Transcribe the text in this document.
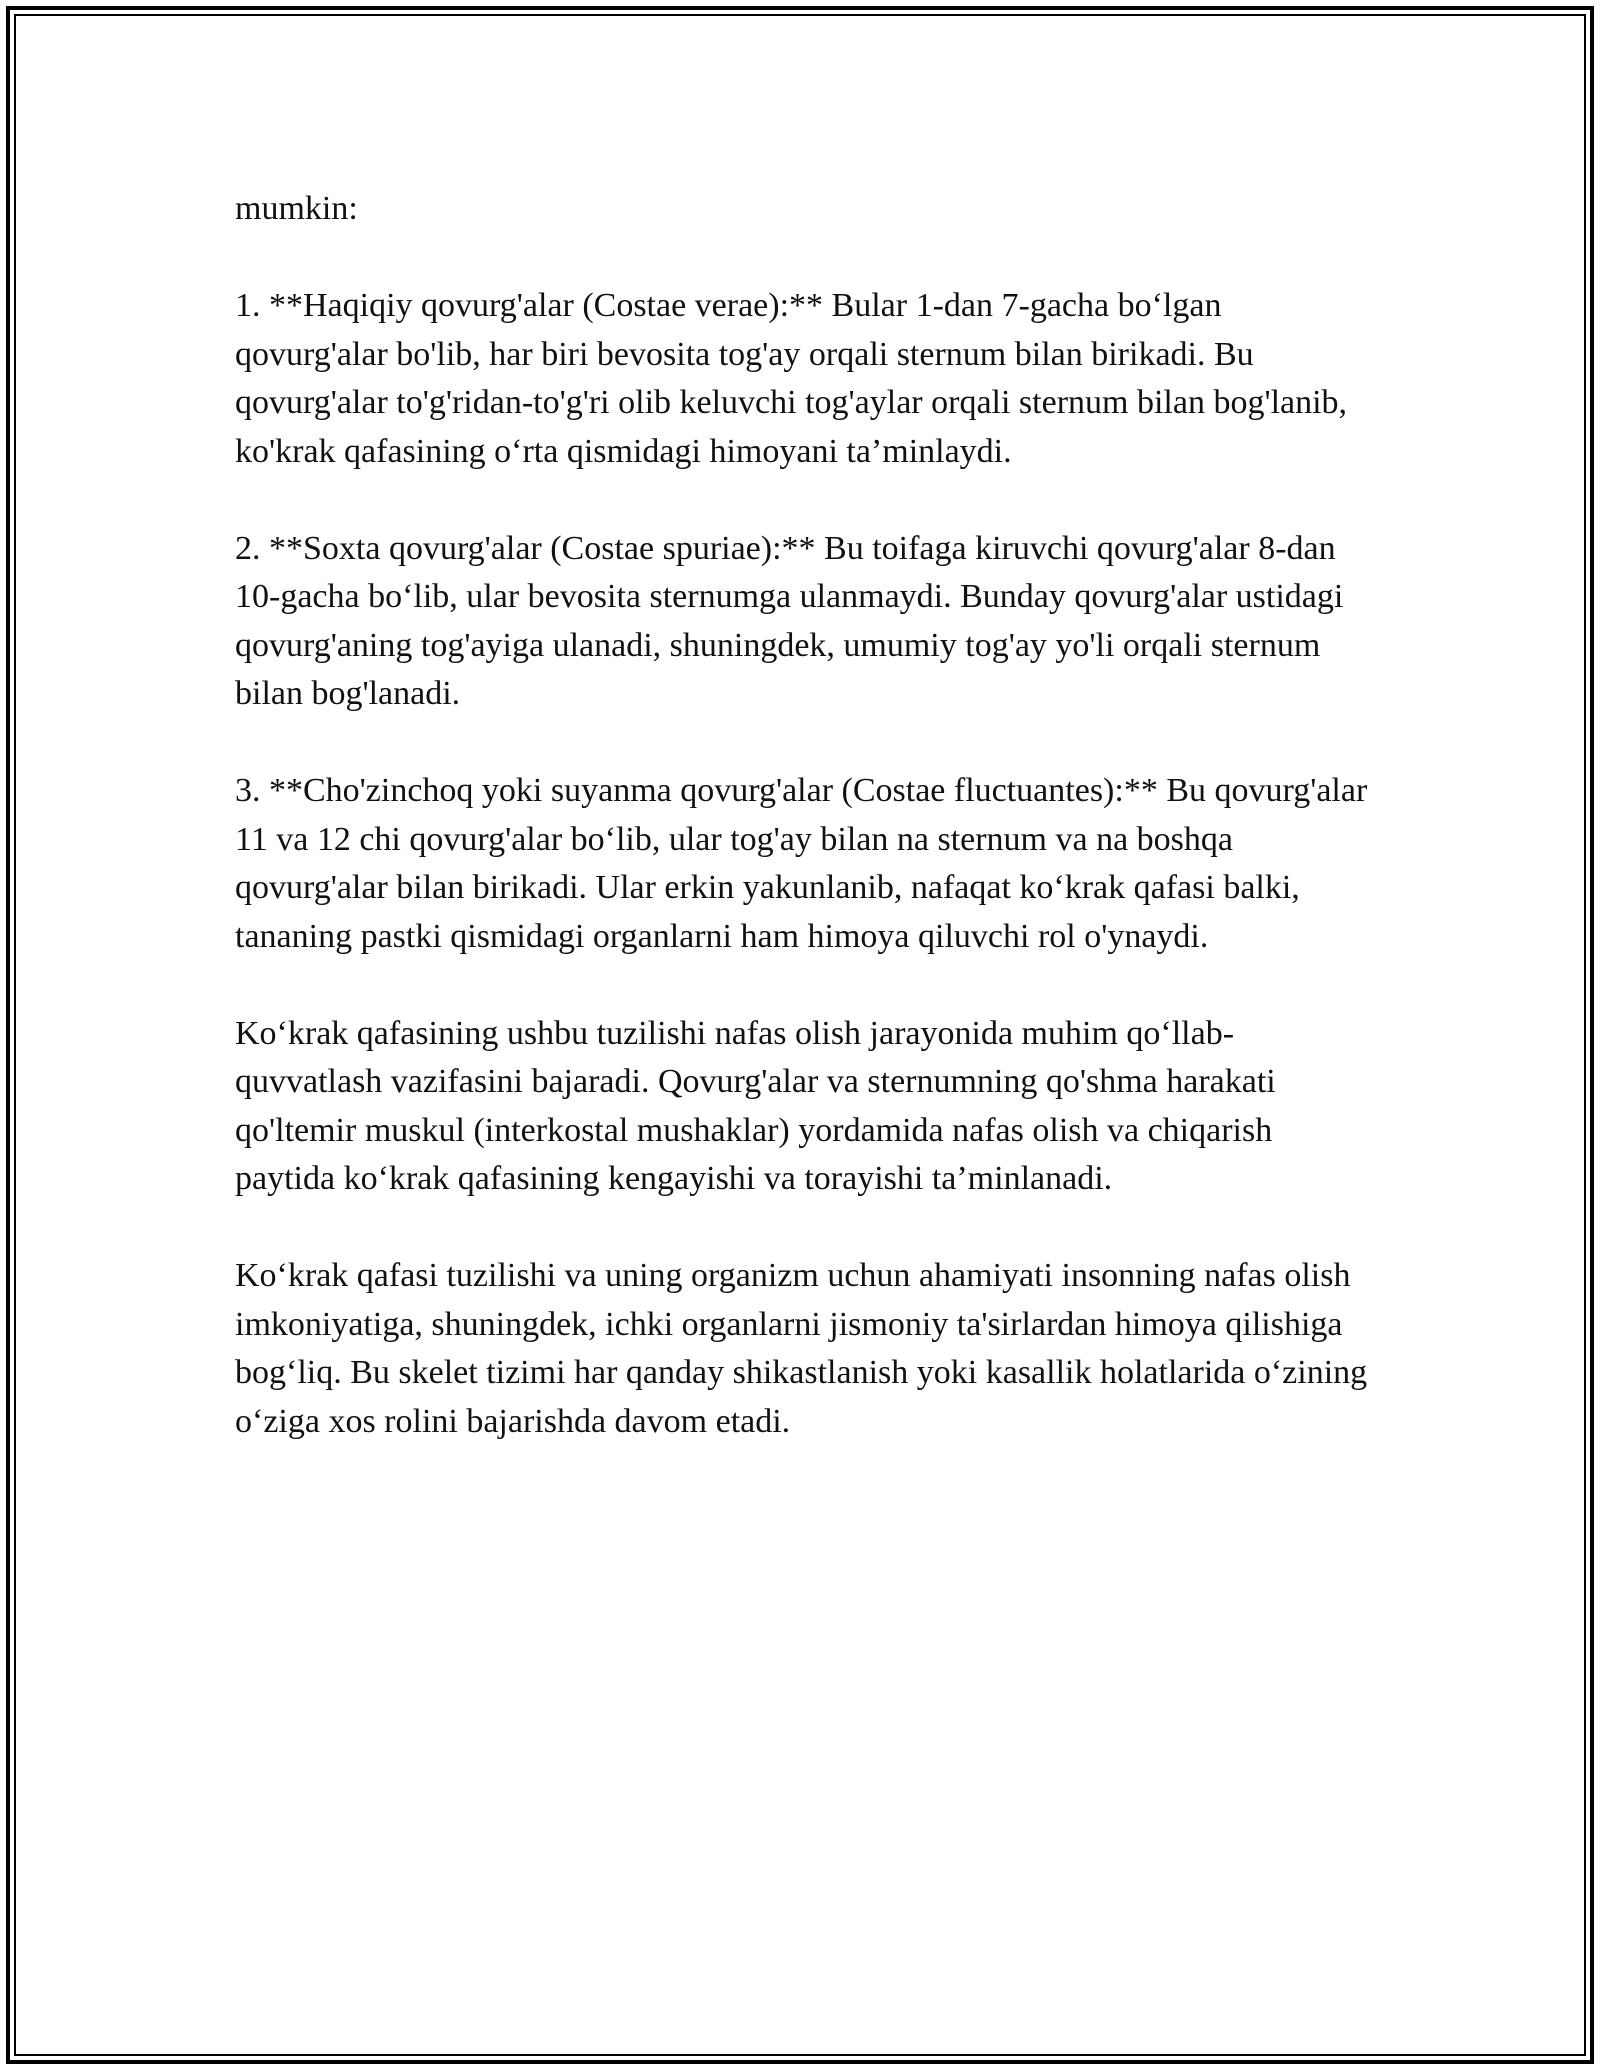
mumkin:

1. **Haqiqiy qovurg'alar (Costae verae):** Bular 1-dan 7-gacha bo‘lgan qovurg'alar bo'lib, har biri bevosita tog'ay orqali sternum bilan birikadi. Bu qovurg'alar to'g'ridan-to'g'ri olib keluvchi tog'aylar orqali sternum bilan bog'lanib, ko'krak qafasining o‘rta qismidagi himoyani ta’minlaydi.

2. **Soxta qovurg'alar (Costae spuriae):** Bu toifaga kiruvchi qovurg'alar 8-dan 10-gacha bo‘lib, ular bevosita sternumga ulanmaydi. Bunday qovurg'alar ustidagi qovurg'aning tog'ayiga ulanadi, shuningdek, umumiy tog'ay yo'li orqali sternum bilan bog'lanadi.

3. **Cho'zinchoq yoki suyanma qovurg'alar (Costae fluctuantes):** Bu qovurg'alar 11 va 12 chi qovurg'alar bo‘lib, ular tog'ay bilan na sternum va na boshqa qovurg'alar bilan birikadi. Ular erkin yakunlanib, nafaqat ko‘krak qafasi balki, tananing pastki qismidagi organlarni ham himoya qiluvchi rol o'ynaydi.

Ko‘krak qafasining ushbu tuzilishi nafas olish jarayonida muhim qo‘llab-quvvatlash vazifasini bajaradi. Qovurg'alar va sternumning qo'shma harakati qo'ltemir muskul (interkostal mushaklar) yordamida nafas olish va chiqarish paytida ko‘krak qafasining kengayishi va torayishi ta’minlanadi.

Ko‘krak qafasi tuzilishi va uning organizm uchun ahamiyati insonning nafas olish imkoniyatiga, shuningdek, ichki organlarni jismoniy ta'sirlardan himoya qilishiga bog‘liq. Bu skelet tizimi har qanday shikastlanish yoki kasallik holatlarida o‘zining o‘ziga xos rolini bajarishda davom etadi.
